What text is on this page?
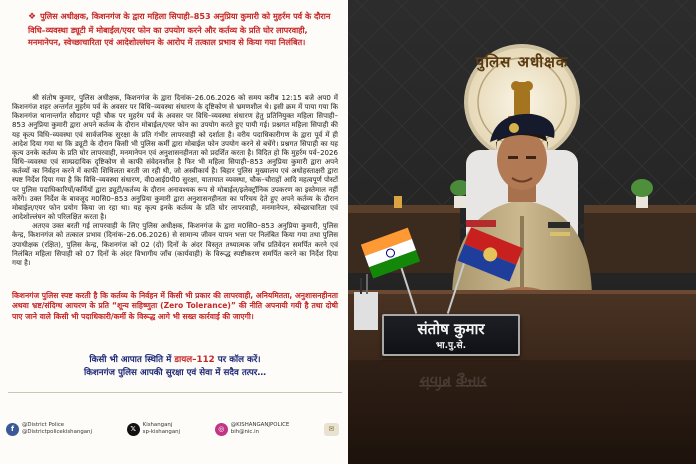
❖ पुलिस अधीक्षक, किशनगंज के द्वारा महिला सिपाही–853 अनुप्रिया कुमारी को मुहर्रम पर्व के दौरान विधि–व्यवस्था ड्यूटी में मोबाईल/एयर फोन का उपयोग करने और कर्तव्य के प्रति घोर लापरवाही, मनमानेपन, स्वेच्छाचारिता एवं आदेशोल्लंघन के आरोप में तत्काल प्रभाव से किया गया निलंबित।

श्री संतोष कुमार, पुलिस अधीक्षक, किशनगंज के द्वारा दिनांक–26.06.2026 को समय करीब 12:15 बजे अप0 में किशनगंज शहर अन्तर्गत मुहर्रम पर्व के अवसर पर विधि–व्यवस्था संधारण के दृष्टिकोण से भ्रमणशील थे। इसी क्रम में पाया गया कि किशनगंज थानान्तर्गत सौदागर पट्टी चौक पर मुहर्रम पर्व के अवसर पर विधि–व्यवस्था संधारण हेतु प्रतिनियुक्त महिला सिपाही–853 अनुप्रिया कुमारी द्वारा अपने कर्तव्य के दौरान मोबाईल/एयर फोन का उपयोग करते हुए पायी गई। प्रश्नगत महिला सिपाही की यह कृत्य विधि–व्यवस्था एवं सार्वजनिक सुरक्षा के प्रति गंभीर लापरवाही को दर्शाता है। वरीय पदाधिकारीगण के द्वारा पूर्व में ही आदेश दिया गया था कि ड्यूटी के दौरान किसी भी पुलिस कर्मी द्वारा मोबाईल फोन उपयोग करने से बचेंगे। प्रश्नगत सिपाही का यह कृत्य उनके कर्तव्य के प्रति घोर लापरवाही, मनमानेपन एवं अनुशासनहीनता को प्रदर्शित करता है। विदित हो कि मुहर्रम पर्व–2026 विधि–व्यवस्था एवं साम्प्रदायिक दृष्टिकोण से काफी संवेदनशील है फिर भी महिला सिपाही–853 अनुप्रिया कुमारी द्वारा अपने कर्तव्यों का निर्वहन करने में काफी शिथिलता बरती जा रही थी, जो अस्वीकार्य है। बिहार पुलिस मुख्यालय एवं अधोहस्ताक्षरी द्वारा स्पष्ट निर्देश दिया गया है कि विधि–व्यवस्था संधारण, वी0आई0पी0 सुरक्षा, यातायात व्यवस्था, चौक–चौराहों आदि महत्वपूर्ण पोस्टों पर पुलिस पदाधिकारियों/कर्मियों द्वारा ड्यूटी/कर्तव्य के दौरान अनावश्यक रूप से मोबाईल/इलेक्ट्रॉनिक उपकरण का इस्तेमाल नहीं करेंगे। उक्त निर्देश के बावजूद म0सि0–853 अनुप्रिया कुमारी द्वारा अनुशासनहीनता का परिचय देते हुए अपने कर्तव्य के दौरान मोबाईल/एयर फोन प्रयोग किया जा रहा था। यह कृत्य इनके कर्तव्य के प्रति घोर लापरवाही, मनमानेपन, स्वेच्छाचारिता एवं आदेशोल्लंघन को परिलक्षित करता है।

अतएव उक्त बरती गई लापरवाही के लिए पुलिस अधीक्षक, किशनगंज के द्वारा म0सि0–853 अनुप्रिया कुमारी, पुलिस केन्द्र, किशनगंज को तत्काल प्रभाव (दिनांक–26.06.2026) से सामान्य जीवन यापन भत्ता पर निलंबित किया गया तथा पुलिस उपाधीक्षक (रक्षित), पुलिस केन्द्र, किशनगंज को 02 (दो) दिनों के अंदर विस्तृत तथ्यात्मक जाँच प्रतिवेदन समर्पित करने एवं निलंबित महिला सिपाही को 07 दिनों के अंदर विभागीय जाँच (कार्यवाही) के विरूद्ध स्पष्टीकरण समर्पित करने का निर्देश दिया गया है।

किशनगंज पुलिस स्पष्ट करती है कि कर्तव्य के निर्वहन में किसी भी प्रकार की लापरवाही, अनियमितता, अनुशासनहीनता अथवा भ्रष्ट/संदिग्ध आचरण के प्रति “शून्य सहिष्णुता (Zero Tolerance)” की नीति अपनायी गयी है तथा दोषी पाए जाने वाले किसी भी पदाधिकारी/कर्मी के विरूद्ध आगे भी सख्त कार्रवाई की जाएगी।
किसी भी आपात स्थिति में डायल–112 पर कॉल करें।
किशनगंज पुलिस आपकी सुरक्षा एवं सेवा में सदैव तत्पर…
f	@District Police
@Districtpolicekishanganj	𝕏	Kishanganj
sp-kishanganj	◎	@KISHANGANJPOLICE
bih@nic.in	✉
पुलिस अधीक्षक
संतोष कुमार
भा.पु.से.
संतोष कुमार
